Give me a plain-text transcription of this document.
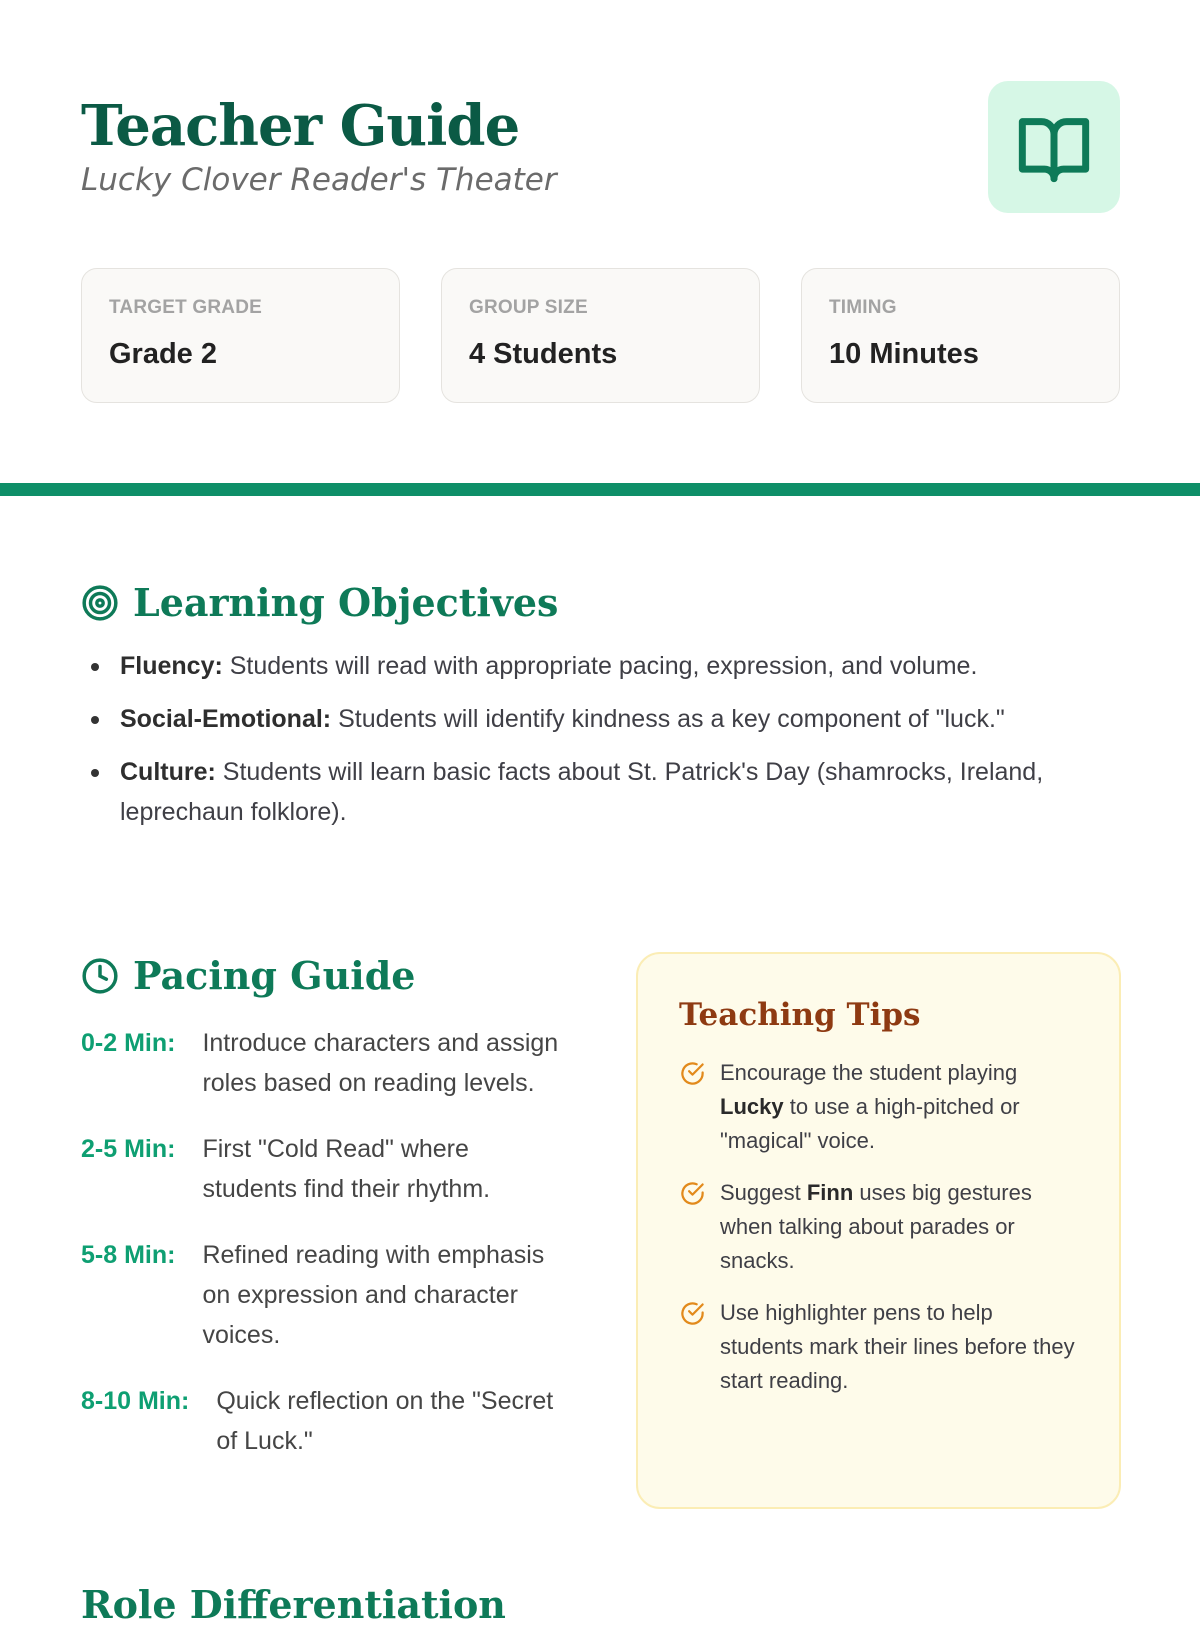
Teacher Guide
Lucky Clover Reader's Theater
TARGET GRADE
Grade 2
GROUP SIZE
4 Students
TIMING
10 Minutes
Learning Objectives
Fluency: Students will read with appropriate pacing, expression, and volume.
Social-Emotional: Students will identify kindness as a key component of "luck."
Culture: Students will learn basic facts about St. Patrick's Day (shamrocks, Ireland, leprechaun folklore).
Pacing Guide
0-2 Min:	Introduce characters and assign roles based on reading levels.
2-5 Min:	First "Cold Read" where students find their rhythm.
5-8 Min:	Refined reading with emphasis on expression and character voices.
8-10 Min:	Quick reflection on the "Secret of Luck."
Teaching Tips
Encourage the student playing Lucky to use a high-pitched or "magical" voice.
Suggest Finn uses big gestures when talking about parades or snacks.
Use highlighter pens to help students mark their lines before they start reading.
Role Differentiation
